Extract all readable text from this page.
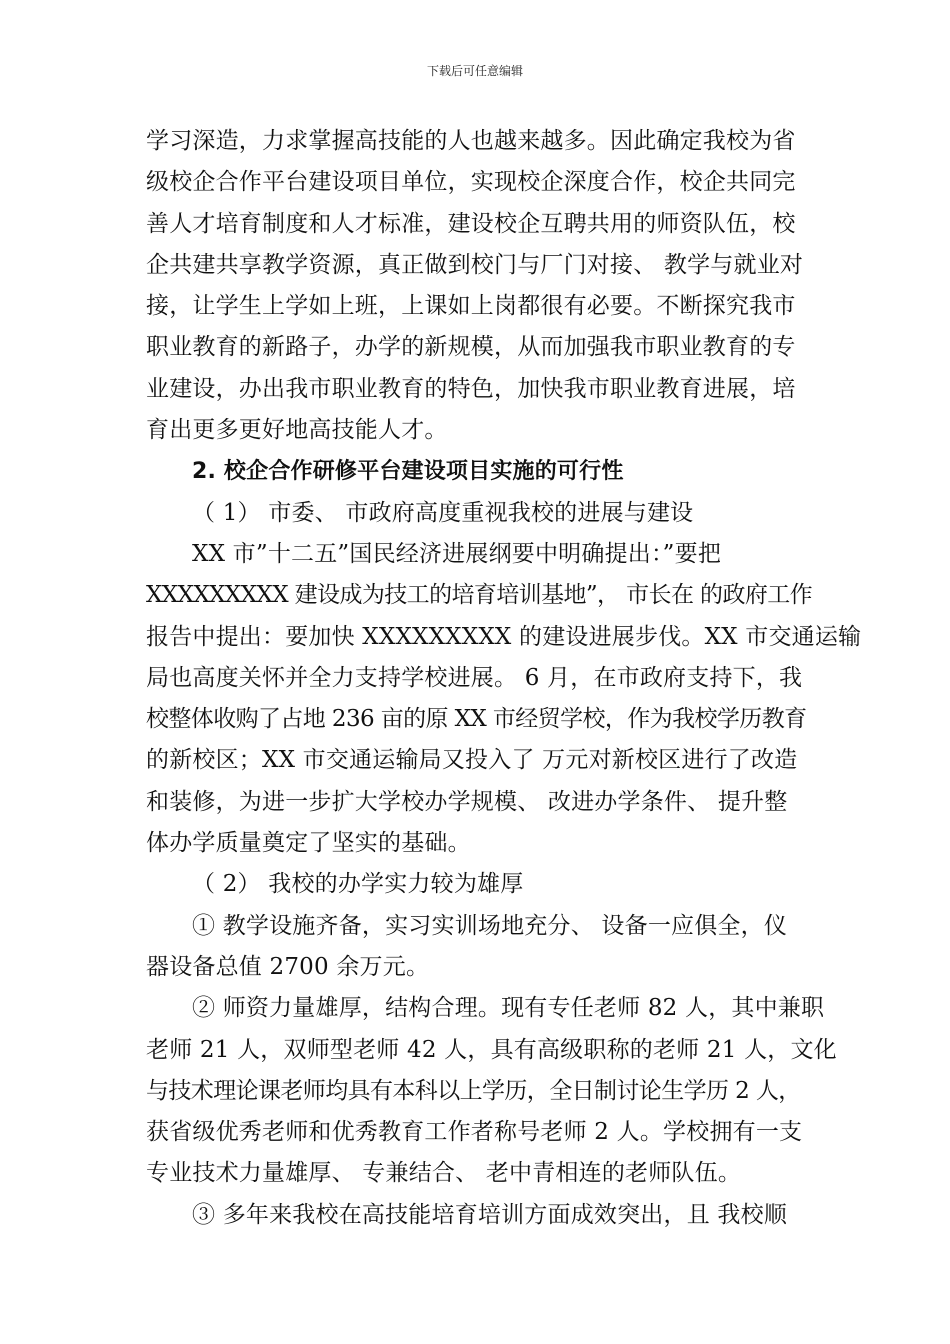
下载后可任意编辑
学习深造，力求掌握高技能的人也越来越多。因此确定我校为省
级校企合作平台建设项目单位，实现校企深度合作，校企共同完
善人才培育制度和人才标准，建设校企互聘共用的师资队伍，校
企共建共享教学资源，真正做到校门与厂门对接、 教学与就业对
接，让学生上学如上班，上课如上岗都很有必要。不断探究我市
职业教育的新路子，办学的新规模，从而加强我市职业教育的专
业建设，办出我市职业教育的特色，加快我市职业教育进展，培
育出更多更好地高技能人才。
2. 校企合作研修平台建设项目实施的可行性
（ 1） 市委、 市政府高度重视我校的进展与建设
XX 市”十二五”国民经济进展纲要中明确提出：”要把
XXXXXXXXX 建设成为技工的培育培训基地”， 市长在 的政府工作
报告中提出：要加快 XXXXXXXXX 的建设进展步伐。XX 市交通运输
局也高度关怀并全力支持学校进展。 6 月，在市政府支持下，我
校整体收购了占地 236 亩的原 XX 市经贸学校，作为我校学历教育
的新校区；XX 市交通运输局又投入了 万元对新校区进行了改造
和装修，为进一步扩大学校办学规模、 改进办学条件、 提升整
体办学质量奠定了坚实的基础。
（ 2） 我校的办学实力较为雄厚
① 教学设施齐备，实习实训场地充分、 设备一应俱全，仪
器设备总值 2700 余万元。
② 师资力量雄厚，结构合理。现有专任老师 82 人，其中兼职
老师 21 人，双师型老师 42 人，具有高级职称的老师 21 人，文化
与技术理论课老师均具有本科以上学历，全日制讨论生学历 2 人，
获省级优秀老师和优秀教育工作者称号老师 2 人。学校拥有一支
专业技术力量雄厚、 专兼结合、 老中青相连的老师队伍。
③ 多年来我校在高技能培育培训方面成效突出，且 我校顺
